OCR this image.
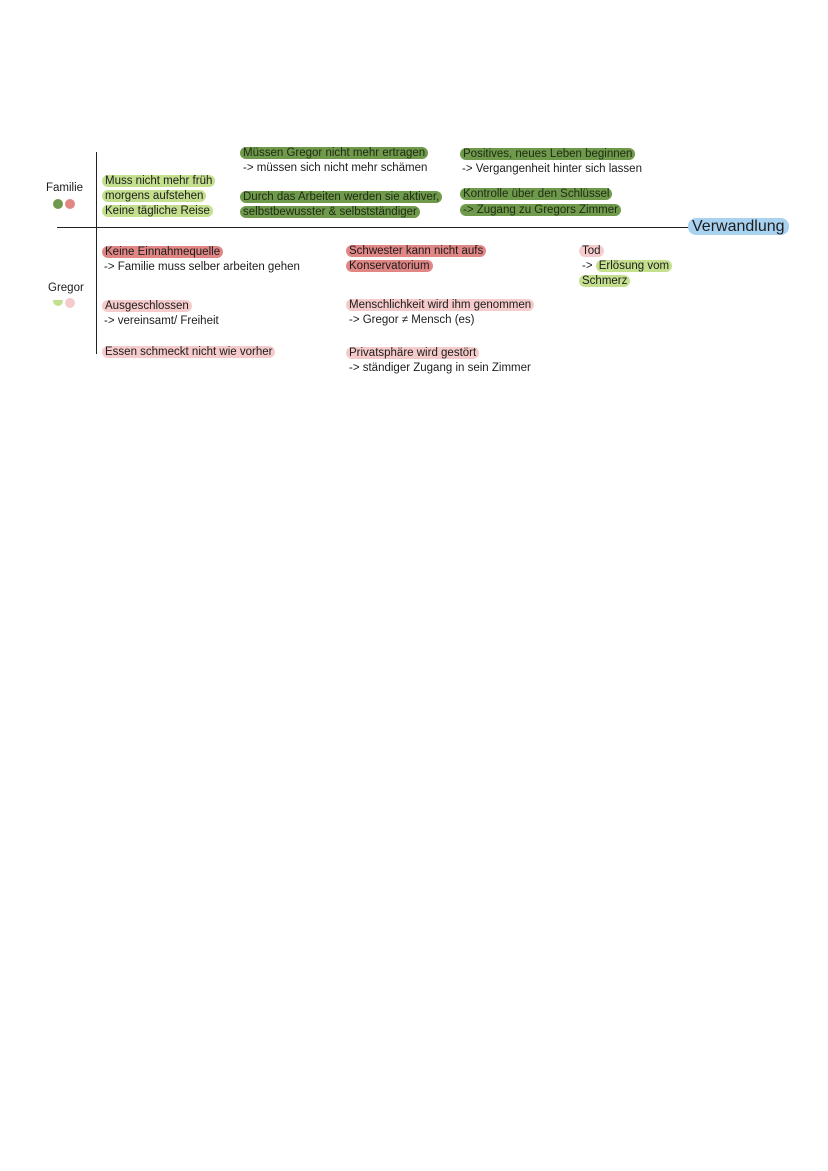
Verwandlung
Familie
Gregor
Muss nicht mehr früh
morgens aufstehen
Keine tägliche Reise
Müssen Gregor nicht mehr ertragen
-> müssen sich nicht mehr schämen
Durch das Arbeiten werden sie aktiver,
selbstbewusster & selbstständiger
Positives, neues Leben beginnen
-> Vergangenheit hinter sich lassen
Kontrolle über den Schlüssel
-> Zugang zu Gregors Zimmer
Keine Einnahmequelle
-> Familie muss selber arbeiten gehen
Ausgeschlossen
-> vereinsamt/ Freiheit
Essen schmeckt nicht wie vorher
Schwester kann nicht aufs
Konservatorium
Menschlichkeit wird ihm genommen
-> Gregor ≠ Mensch (es)
Privatsphäre wird gestört
-> ständiger Zugang in sein Zimmer
Tod
-> Erlösung vom
Schmerz
